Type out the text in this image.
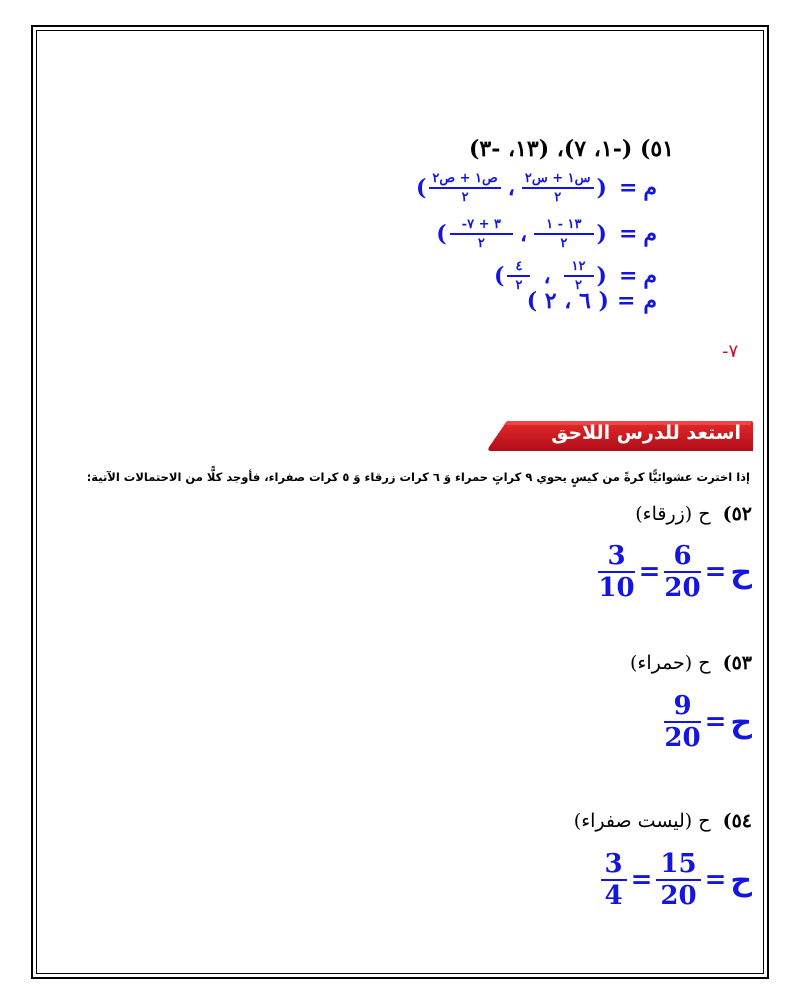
٥١) (-١، ٧)، (١٣، -٣)
( ص١ + ص٢
٢	، س١ + س٢
٢	) = م
(	-٣ + ٧
٢	،	١٣ - ١
٢	) = م
( ٤
٢ ،	١٢
٢ ) = م
م
=
( ٦ ، ٢ )
-٧
استعد للدرس اللاحق
إذا اخترت عشوائيًّا كرةً من كيسٍ يحوي ٩ كراتٍ حمراء وَ ٦ كرات زرقاء وَ ٥ كرات صفراء، فأوجد كلًّا من الاحتمالات الآتية:
٥٢) ح (زرقاء)
$\frac{3}{10} = \frac{6}{20}$ = ح
٥٣) ح (حمراء)
$\frac{9}{20}$ = ح
٥٤) ح (ليست صفراء)
$\frac{3}{4} = \frac{15}{20}$ = ح
